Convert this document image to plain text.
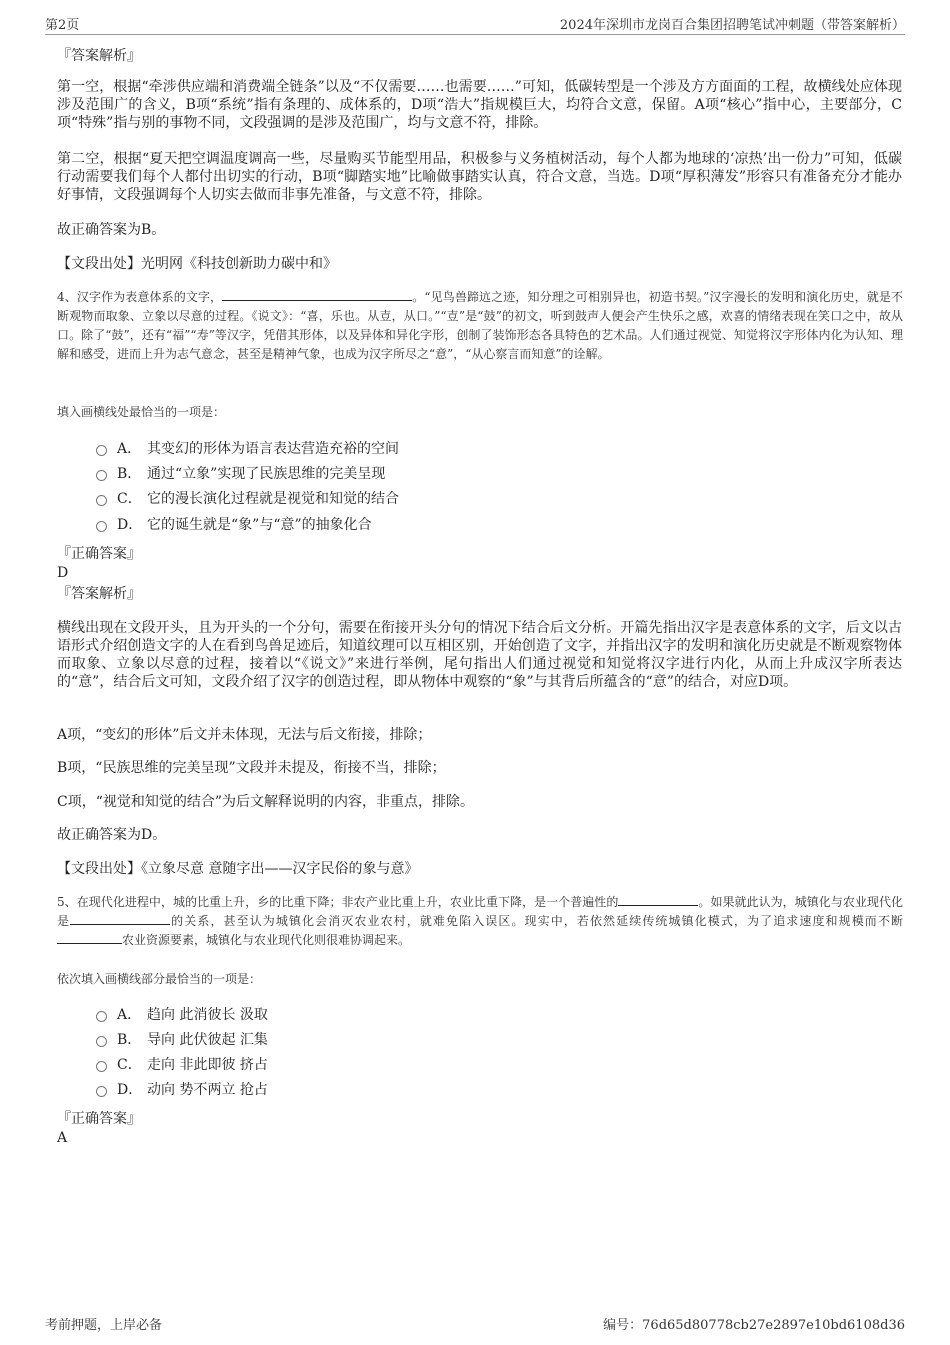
第2页	2024年深圳市龙岗百合集团招聘笔试冲刺题（带答案解析）

『答案解析』

第一空，根据“牵涉供应端和消费端全链条”以及“不仅需要……也需要……”可知，低碳转型是一个涉及方方面面的工程，故横线处应体现涉及范围广的含义，B项“系统”指有条理的、成体系的，D项“浩大”指规模巨大，均符合文意，保留。A项“核心”指中心，主要部分，C项“特殊”指与别的事物不同，文段强调的是涉及范围广，均与文意不符，排除。

第二空，根据“夏天把空调温度调高一些，尽量购买节能型用品，积极参与义务植树活动，每个人都为地球的‘凉热’出一份力”可知，低碳行动需要我们每个人都付出切实的行动，B项“脚踏实地”比喻做事踏实认真，符合文意，当选。D项“厚积薄发”形容只有准备充分才能办好事情，文段强调每个人切实去做而非事先准备，与文意不符，排除。

故正确答案为B。

【文段出处】光明网《科技创新助力碳中和》

4、汉字作为表意体系的文字，	。“见鸟兽蹄迒之迹，知分理之可相别异也，初造书契。”汉字漫长的发明和演化历史，就是不断观物而取象、立象以尽意的过程。《说文》：“喜，乐也。从壴，从口。”“壴”是“鼓”的初文，听到鼓声人便会产生快乐之感，欢喜的情绪表现在笑口之中，故从口。除了“鼓”，还有“福”“寿”等汉字，凭借其形体，以及异体和异化字形，创制了装饰形态各具特色的艺术品。人们通过视觉、知觉将汉字形体内化为认知、理解和感受，进而上升为志气意念，甚至是精神气象，也成为汉字所尽之“意”，“从心察言而知意”的诠解。

填入画横线处最恰当的一项是：
A． 其变幻的形体为语言表达营造充裕的空间
B． 通过“立象”实现了民族思维的完美呈现
C． 它的漫长演化过程就是视觉和知觉的结合
D． 它的诞生就是“象”与“意”的抽象化合

『正确答案』

D

『答案解析』

横线出现在文段开头，且为开头的一个分句，需要在衔接开头分句的情况下结合后文分析。开篇先指出汉字是表意体系的文字，后文以古语形式介绍创造文字的人在看到鸟兽足迹后，知道纹理可以互相区别，开始创造了文字，并指出汉字的发明和演化历史就是不断观察物体而取象、立象以尽意的过程，接着以“《说文》”来进行举例，尾句指出人们通过视觉和知觉将汉字进行内化，从而上升成汉字所表达的“意”，结合后文可知，文段介绍了汉字的创造过程，即从物体中观察的“象”与其背后所蕴含的“意”的结合，对应D项。

A项，“变幻的形体”后文并未体现，无法与后文衔接，排除；

B项，“民族思维的完美呈现”文段并未提及，衔接不当，排除；

C项，“视觉和知觉的结合”为后文解释说明的内容，非重点，排除。

故正确答案为D。

【文段出处】《立象尽意 意随字出——汉字民俗的象与意》

5、在现代化进程中，城的比重上升，乡的比重下降；非农产业比重上升，农业比重下降，是一个普遍性的	。如果就此认为，城镇化与农业现代化是	的关系，甚至认为城镇化会消灭农业农村，就难免陷入误区。现实中，若依然延续传统城镇化模式，为了追求速度和规模而不断农业资源要素，城镇化与农业现代化则很难协调起来。

依次填入画横线部分最恰当的一项是：
A． 趋向 此消彼长 汲取
B． 导向 此伏彼起 汇集
C． 走向 非此即彼 挤占
D． 动向 势不两立 抢占

『正确答案』

A

考前押题，上岸必备	编号：76d65d80778cb27e2897e10bd6108d36
